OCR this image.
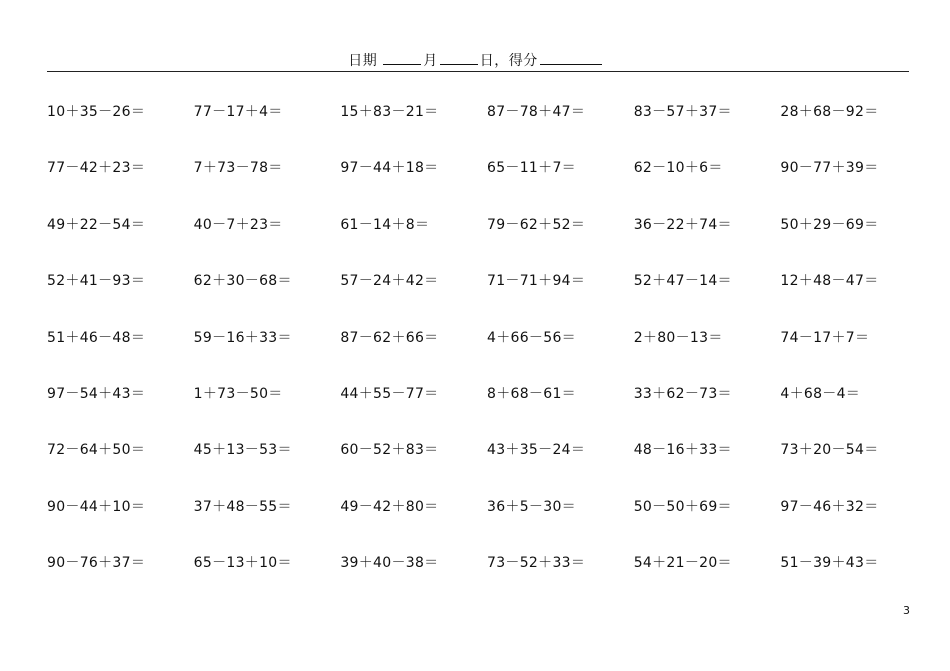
日期	月	日，得分
10＋35－26＝	77－17＋4＝	15＋83－21＝	87－78＋47＝	83－57＋37＝	28＋68－92＝
77－42＋23＝	7＋73－78＝	97－44＋18＝	65－11＋7＝	62－10＋6＝	90－77＋39＝
49＋22－54＝	40－7＋23＝	61－14＋8＝	79－62＋52＝	36－22＋74＝	50＋29－69＝
52＋41－93＝	62＋30－68＝	57－24＋42＝	71－71＋94＝	52＋47－14＝	12＋48－47＝
51＋46－48＝	59－16＋33＝	87－62＋66＝	4＋66－56＝	2＋80－13＝	74－17＋7＝
97－54＋43＝	1＋73－50＝	44＋55－77＝	8＋68－61＝	33＋62－73＝	4＋68－4＝
72－64＋50＝	45＋13－53＝	60－52＋83＝	43＋35－24＝	48－16＋33＝	73＋20－54＝
90－44＋10＝	37＋48－55＝	49－42＋80＝	36＋5－30＝	50－50＋69＝	97－46＋32＝
90－76＋37＝	65－13＋10＝	39＋40－38＝	73－52＋33＝	54＋21－20＝	51－39＋43＝
3
